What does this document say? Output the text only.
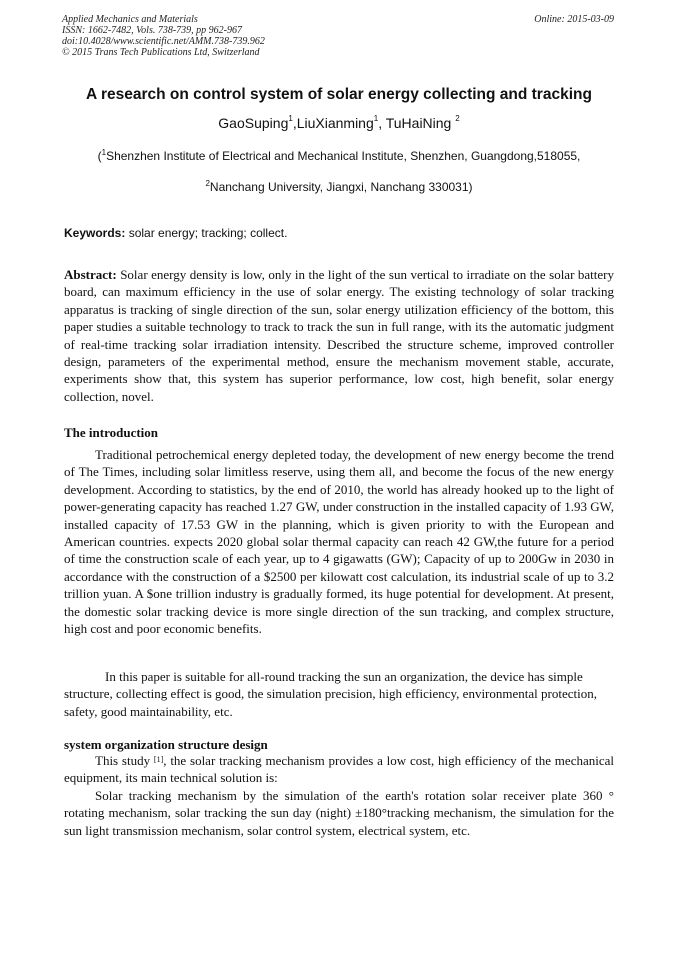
Applied Mechanics and Materials
ISSN: 1662-7482, Vols. 738-739, pp 962-967
doi:10.4028/www.scientific.net/AMM.738-739.962
© 2015 Trans Tech Publications Ltd, Switzerland
Online: 2015-03-09
A research on control system of solar energy collecting and tracking
GaoSuping$^1$,LiuXianming$^1$, TuHaiNing $^2$
($^1$Shenzhen Institute of Electrical and Mechanical Institute, Shenzhen, Guangdong,518055,
$^2$Nanchang University, Jiangxi, Nanchang 330031)
Keywords: solar energy; tracking; collect.
Abstract: Solar energy density is low, only in the light of the sun vertical to irradiate on the solar battery board, can maximum efficiency in the use of solar energy. The existing technology of solar tracking apparatus is tracking of single direction of the sun, solar energy utilization efficiency of the bottom, this paper studies a suitable technology to track to track the sun in full range, with its the automatic judgment of real-time tracking solar irradiation intensity. Described the structure scheme, improved controller design, parameters of the experimental method, ensure the mechanism movement stable, accurate, experiments show that, this system has superior performance, low cost, high benefit, solar energy collection, novel.
The introduction
Traditional petrochemical energy depleted today, the development of new energy become the trend of The Times, including solar limitless reserve, using them all, and become the focus of the new energy development. According to statistics, by the end of 2010, the world has already hooked up to the light of power-generating capacity has reached 1.27 GW, under construction in the installed capacity of 1.93 GW, installed capacity of 17.53 GW in the planning, which is given priority to with the European and American countries. expects 2020 global solar thermal capacity can reach 42 GW,the future for a period of time the construction scale of each year, up to 4 gigawatts (GW); Capacity of up to 200Gw in 2030 in accordance with the construction of a $2500 per kilowatt cost calculation, its industrial scale of up to 3.2 trillion yuan. A $one trillion industry is gradually formed, its huge potential for development. At present, the domestic solar tracking device is more single direction of the sun tracking, and complex structure, high cost and poor economic benefits.
In this paper is suitable for all-round tracking the sun an organization, the device has simple structure, collecting effect is good, the simulation precision, high efficiency, environmental protection, safety, good maintainability, etc.
system organization structure design
This study [1], the solar tracking mechanism provides a low cost, high efficiency of the mechanical equipment, its main technical solution is:
Solar tracking mechanism by the simulation of the earth's rotation solar receiver plate 360 ° rotating mechanism, solar tracking the sun day (night) ±180°tracking mechanism, the simulation for the sun light transmission mechanism, solar control system, electrical system, etc.
